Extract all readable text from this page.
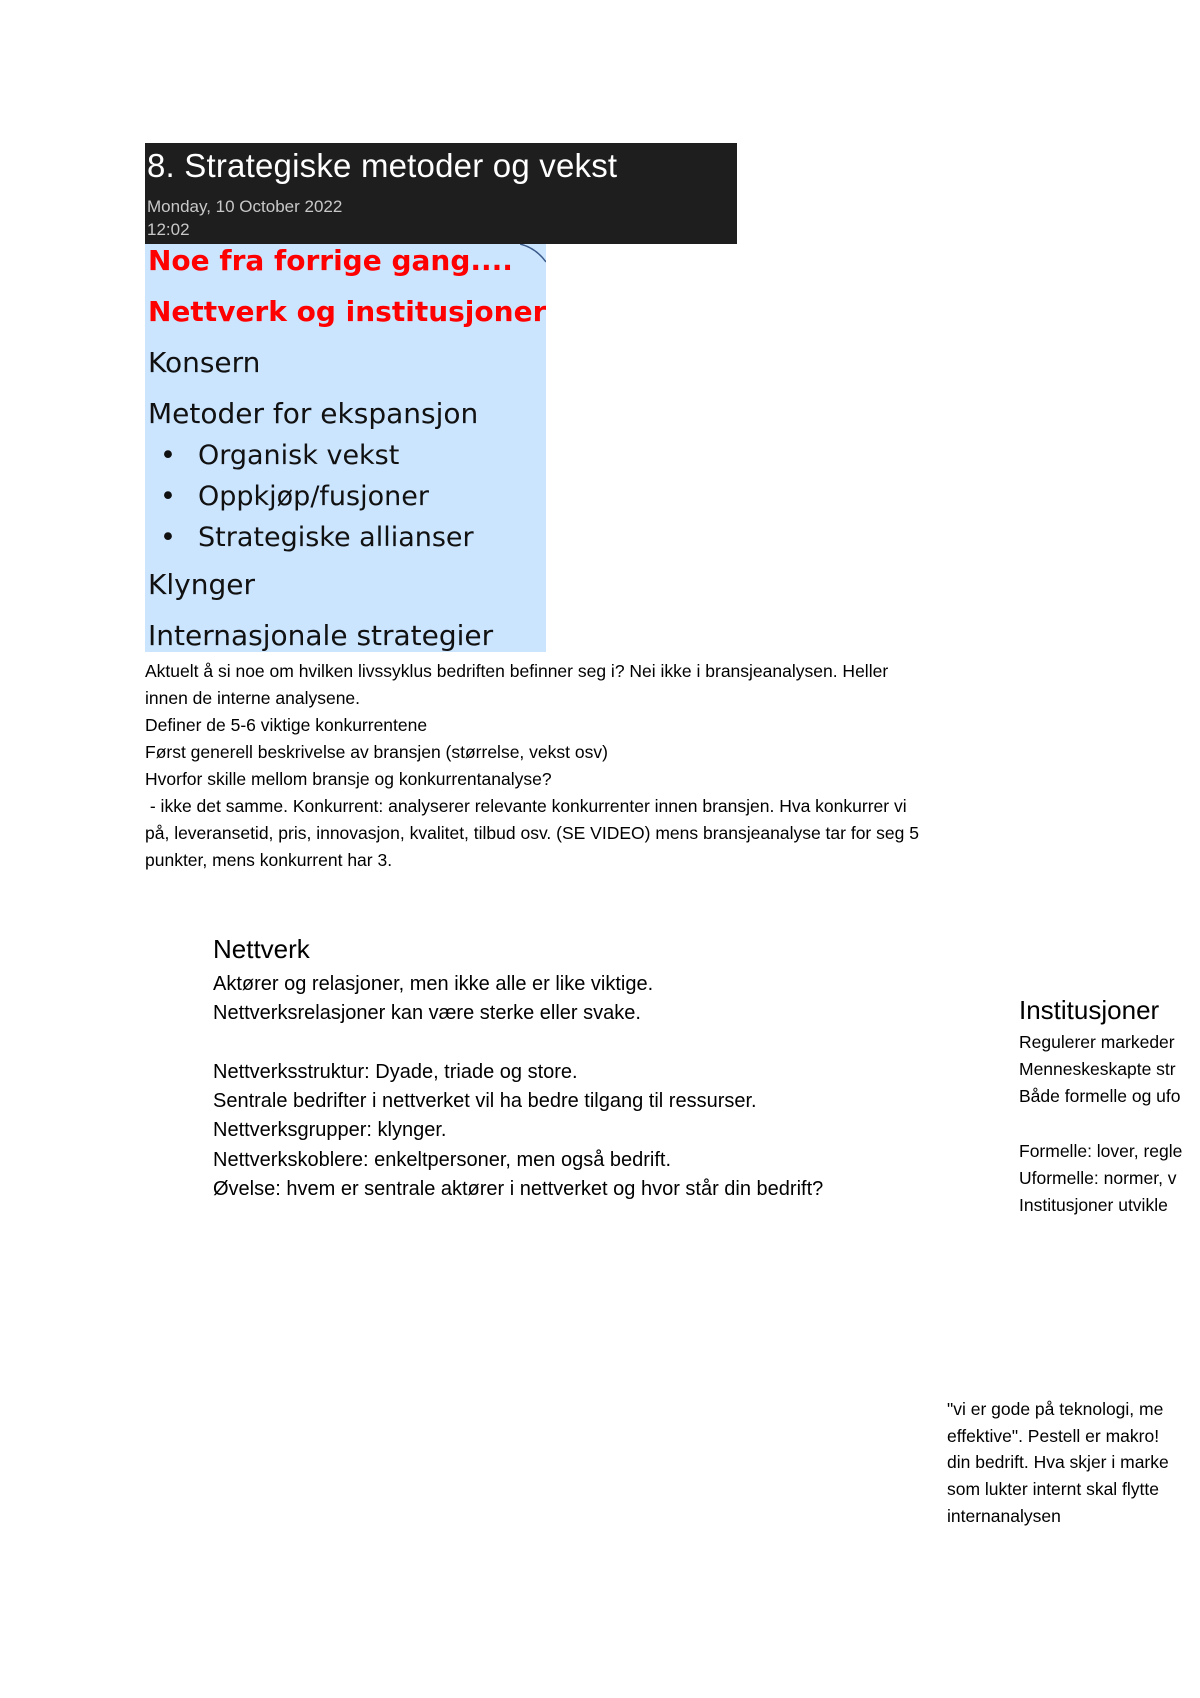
8. Strategiske metoder og vekst
Monday, 10 October 2022
12:02
Noe fra forrige gang....
Nettverk og institusjoner
Konsern
Metoder for ekspansjon
• Organisk vekst
• Oppkjøp/fusjoner
• Strategiske allianser
Klynger
Internasjonale strategier
Aktuelt å si noe om hvilken livssyklus bedriften befinner seg i? Nei ikke i bransjeanalysen. Heller
innen de interne analysene.
Definer de 5-6 viktige konkurrentene
Først generell beskrivelse av bransjen (størrelse, vekst osv)
Hvorfor skille mellom bransje og konkurrentanalyse?
- ikke det samme. Konkurrent: analyserer relevante konkurrenter innen bransjen. Hva konkurrer vi
på, leveransetid, pris, innovasjon, kvalitet, tilbud osv. (SE VIDEO) mens bransjeanalyse tar for seg 5
punkter, mens konkurrent har 3.
Nettverk
Aktører og relasjoner, men ikke alle er like viktige.
Nettverksrelasjoner kan være sterke eller svake.
Nettverksstruktur: Dyade, triade og store.
Sentrale bedrifter i nettverket vil ha bedre tilgang til ressurser.
Nettverksgrupper: klynger.
Nettverkskoblere: enkeltpersoner, men også bedrift.
Øvelse: hvem er sentrale aktører i nettverket og hvor står din bedrift?
Institusjoner
Regulerer markeder
Menneskeskapte str
Både formelle og ufo
Formelle: lover, regle
Uformelle: normer, v
Institusjoner utvikle
"vi er gode på teknologi, me
effektive". Pestell er makro!
din bedrift. Hva skjer i marke
som lukter internt skal flytte
internanalysen
